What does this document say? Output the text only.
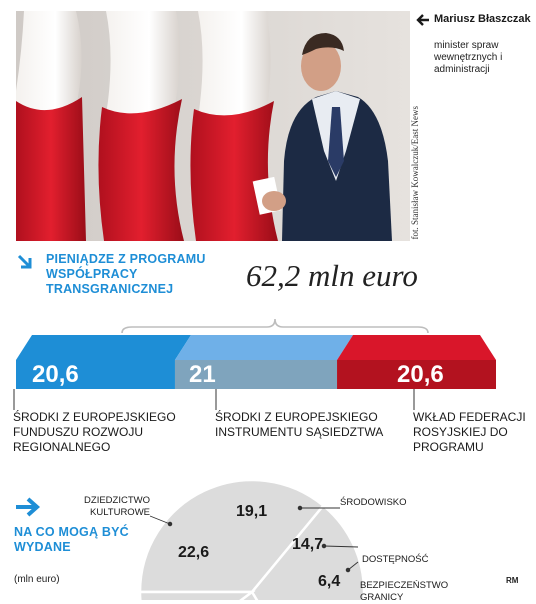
fot. Stanisław Kowalczuk/East News
Mariusz Błaszczak
minister spraw wewnętrznych i administracji
PIENIĄDZE Z PROGRAMU WSPÓŁPRACY TRANSGRANICZNEJ	62,2 mln euro
20,6	21	20,6
ŚRODKI Z EUROPEJSKIEGO FUNDUSZU ROZWOJU REGIONALNEGO
ŚRODKI Z EUROPEJSKIEGO INSTRUMENTU SĄSIEDZTWA
WKŁAD FEDERACJI ROSYJSKIEJ DO PROGRAMU
NA CO MOGĄ BYĆ WYDANE
(mln euro)
22,6
DZIEDZICTWO KULTUROWE	19,1
ŚRODOWISKO
14,7
DOSTĘPNOŚĆ
6,4 BEZPIECZEŃSTWO GRANICY
RM
